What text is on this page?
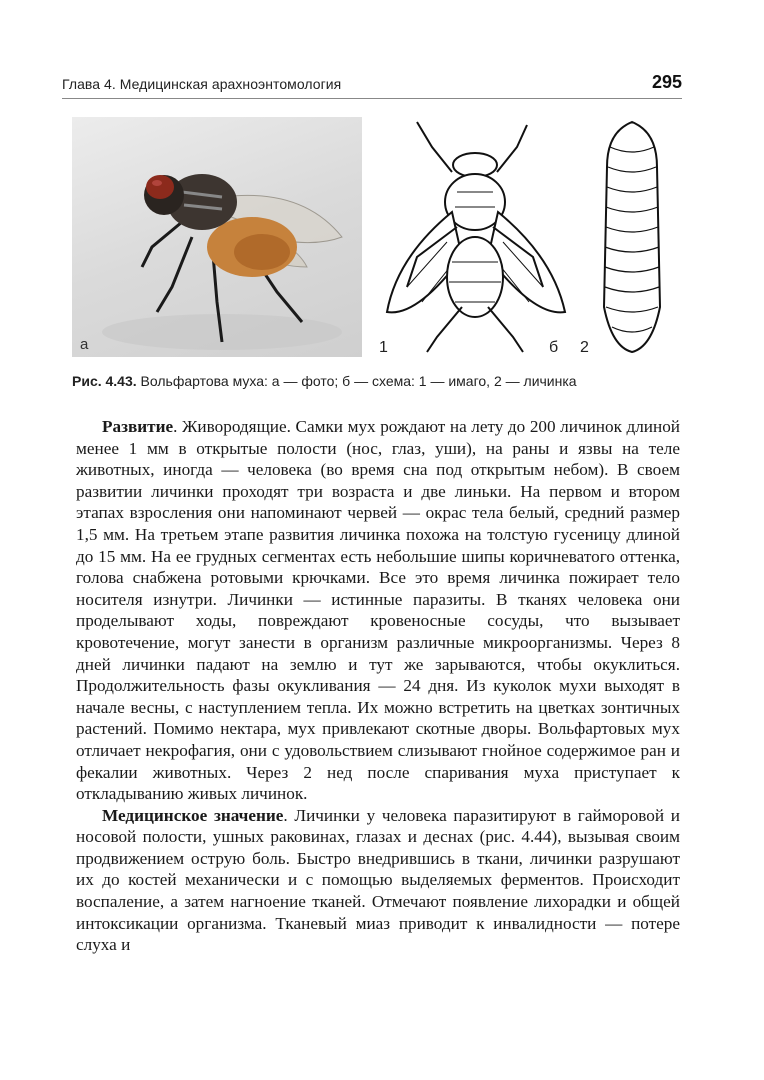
Глава 4. Медицинская арахноэнтомология	295
а	1	б 2
Рис. 4.43. Вольфартова муха: а — фото; б — схема: 1 — имаго, 2 — личинка

Развитие. Живородящие. Самки мух рождают на лету до 200 личинок длиной менее 1 мм в открытые полости (нос, глаз, уши), на раны и язвы на теле животных, иногда — человека (во время сна под открытым небом). В своем развитии личинки проходят три возраста и две линьки. На первом и втором этапах взросления они напоминают червей — окрас тела белый, средний размер 1,5 мм. На третьем этапе развития личинка похожа на толстую гусеницу длиной до 15 мм. На ее грудных сегментах есть небольшие шипы коричневатого оттенка, голова снабжена ротовыми крючками. Все это время личинка пожирает тело носителя изнутри. Личинки — истинные паразиты. В тканях человека они проделывают ходы, повреждают кровеносные сосуды, что вызывает кровотечение, могут занести в организм различные микроорганизмы. Через 8 дней личинки падают на землю и тут же зарываются, чтобы окуклиться. Продолжительность фазы окукливания — 24 дня. Из куколок мухи выходят в начале весны, с наступлением тепла. Их можно встретить на цветках зонтичных растений. Помимо нектара, мух привлекают скотные дворы. Вольфартовых мух отличает некрофагия, они с удовольствием слизывают гнойное содержимое ран и фекалии животных. Через 2 нед после спаривания муха приступает к откладыванию живых личинок.

Медицинское значение. Личинки у человека паразитируют в гайморовой и носовой полости, ушных раковинах, глазах и деснах (рис. 4.44), вызывая своим продвижением острую боль. Быстро внедрившись в ткани, личинки разрушают их до костей механически и с помощью выделяемых ферментов. Происходит воспаление, а затем нагноение тканей. Отмечают появление лихорадки и общей интоксикации организма. Тканевый миаз приводит к инвалидности — потере слуха и
